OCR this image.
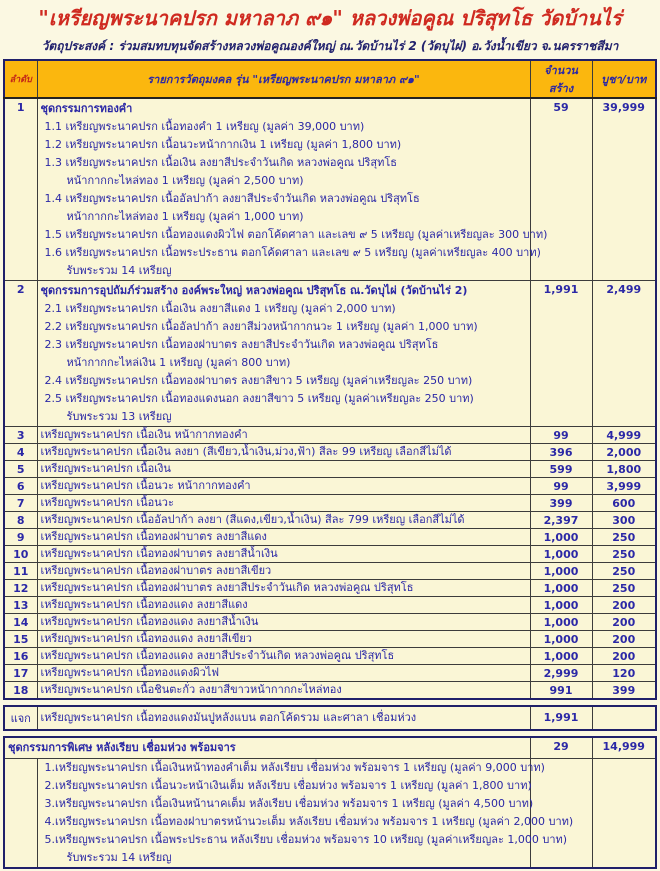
"เหรียญพระนาคปรก มหาลาภ ๙๑" หลวงพ่อคูณ ปริสุทโธ วัดบ้านไร่
วัตถุประสงค์ : ร่วมสมทบทุนจัดสร้างหลวงพ่อคูณองค์ใหญ่ ณ.วัดบ้านไร่ 2 (วัดบุไผ่) อ.วังน้ำเขียว จ.นครราชสีมา
ลำดับ	รายการวัตถุมงคล รุ่น "เหรียญพระนาคปรก มหาลาภ ๙๑"	จำนวนสร้าง	บูชา/บาท
1	ชุดกรรมการทองคำ
1.1 เหรียญพระนาคปรก เนื้อทองคำ 1 เหรียญ (มูลค่า 39,000 บาท)
1.2 เหรียญพระนาคปรก เนื้อนวะหน้ากากเงิน 1 เหรียญ (มูลค่า 1,800 บาท)
1.3 เหรียญพระนาคปรก เนื้อเงิน ลงยาสีประจำวันเกิด หลวงพ่อคูณ ปริสุทโธ
หน้ากากกะไหล่ทอง 1 เหรียญ (มูลค่า 2,500 บาท)
1.4 เหรียญพระนาคปรก เนื้ออัลปาก้า ลงยาสีประจำวันเกิด หลวงพ่อคูณ ปริสุทโธ
หน้ากากกะไหล่ทอง 1 เหรียญ (มูลค่า 1,000 บาท)
1.5 เหรียญพระนาคปรก เนื้อทองแดงผิวไฟ ตอกโค้ดศาลา และเลข ๙ 5 เหรียญ (มูลค่าเหรียญละ 300 บาท)
1.6 เหรียญพระนาคปรก เนื้อพระประธาน ตอกโค้ดศาลา และเลข ๙ 5 เหรียญ (มูลค่าเหรียญละ 400 บาท)
รับพระรวม 14 เหรียญ
	59	39,999
2	ชุดกรรมการอุปถัมภ์ร่วมสร้าง องค์พระใหญ่ หลวงพ่อคูณ ปริสุทโธ ณ.วัดบุไผ่ (วัดบ้านไร่ 2)
2.1 เหรียญพระนาคปรก เนื้อเงิน ลงยาสีแดง 1 เหรียญ (มูลค่า 2,000 บาท)
2.2 เหรียญพระนาคปรก เนื้ออัลปาก้า ลงยาสีม่วงหน้ากากนวะ 1 เหรียญ (มูลค่า 1,000 บาท)
2.3 เหรียญพระนาคปรก เนื้อทองฝาบาตร ลงยาสีประจำวันเกิด หลวงพ่อคูณ ปริสุทโธ
หน้ากากกะไหล่เงิน 1 เหรียญ (มูลค่า 800 บาท)
2.4 เหรียญพระนาคปรก เนื้อทองฝาบาตร ลงยาสีขาว 5 เหรียญ (มูลค่าเหรียญละ 250 บาท)
2.5 เหรียญพระนาคปรก เนื้อทองแดงนอก ลงยาสีขาว 5 เหรียญ (มูลค่าเหรียญละ 250 บาท)
รับพระรวม 13 เหรียญ
	1,991	2,499
3	เหรียญพระนาคปรก เนื้อเงิน หน้ากากทองคำ	99	4,999
4	เหรียญพระนาคปรก เนื้อเงิน ลงยา (สีเขียว,น้ำเงิน,ม่วง,ฟ้า) สีละ 99 เหรียญ เลือกสีไม่ได้	396	2,000
5	เหรียญพระนาคปรก เนื้อเงิน	599	1,800
6	เหรียญพระนาคปรก เนื้อนวะ หน้ากากทองคำ	99	3,999
7	เหรียญพระนาคปรก เนื้อนวะ	399	600
8	เหรียญพระนาคปรก เนื้ออัลปาก้า ลงยา (สีแดง,เขียว,น้ำเงิน) สีละ 799 เหรียญ เลือกสีไม่ได้	2,397	300
9	เหรียญพระนาคปรก เนื้อทองฝาบาตร ลงยาสีแดง	1,000	250
10	เหรียญพระนาคปรก เนื้อทองฝาบาตร ลงยาสีน้ำเงิน	1,000	250
11	เหรียญพระนาคปรก เนื้อทองฝาบาตร ลงยาสีเขียว	1,000	250
12	เหรียญพระนาคปรก เนื้อทองฝาบาตร ลงยาสีประจำวันเกิด หลวงพ่อคูณ ปริสุทโธ	1,000	250
13	เหรียญพระนาคปรก เนื้อทองแดง ลงยาสีแดง	1,000	200
14	เหรียญพระนาคปรก เนื้อทองแดง ลงยาสีน้ำเงิน	1,000	200
15	เหรียญพระนาคปรก เนื้อทองแดง ลงยาสีเขียว	1,000	200
16	เหรียญพระนาคปรก เนื้อทองแดง ลงยาสีประจำวันเกิด หลวงพ่อคูณ ปริสุทโธ	1,000	200
17	เหรียญพระนาคปรก เนื้อทองแดงผิวไฟ	2,999	120
18	เหรียญพระนาคปรก เนื้อชินตะกั่ว ลงยาสีขาวหน้ากากกะไหล่ทอง	991	399
แจก	เหรียญพระนาคปรก เนื้อทองแดงมันปูหลังแบน ตอกโค้ดรวม และศาลา เชื่อมห่วง	1,991	
ชุดกรรมการพิเศษ หลังเรียบ เชื่อมห่วง พร้อมจาร		29	14,999

1.เหรียญพระนาคปรก เนื้อเงินหน้าทองคำเต็ม หลังเรียบ เชื่อมห่วง พร้อมจาร 1 เหรียญ (มูลค่า 9,000 บาท)
2.เหรียญพระนาคปรก เนื้อนวะหน้าเงินเต็ม หลังเรียบ เชื่อมห่วง พร้อมจาร 1 เหรียญ (มูลค่า 1,800 บาท)
3.เหรียญพระนาคปรก เนื้อเงินหน้านาคเต็ม หลังเรียบ เชื่อมห่วง พร้อมจาร 1 เหรียญ (มูลค่า 4,500 บาท)
4.เหรียญพระนาคปรก เนื้อทองฝาบาตรหน้านวะเต็ม หลังเรียบ เชื่อมห่วง พร้อมจาร 1 เหรียญ (มูลค่า 2,000 บาท)
5.เหรียญพระนาคปรก เนื้อพระประธาน หลังเรียบ เชื่อมห่วง พร้อมจาร 10 เหรียญ (มูลค่าเหรียญละ 1,000 บาท)
รับพระรวม 14 เหรียญ
